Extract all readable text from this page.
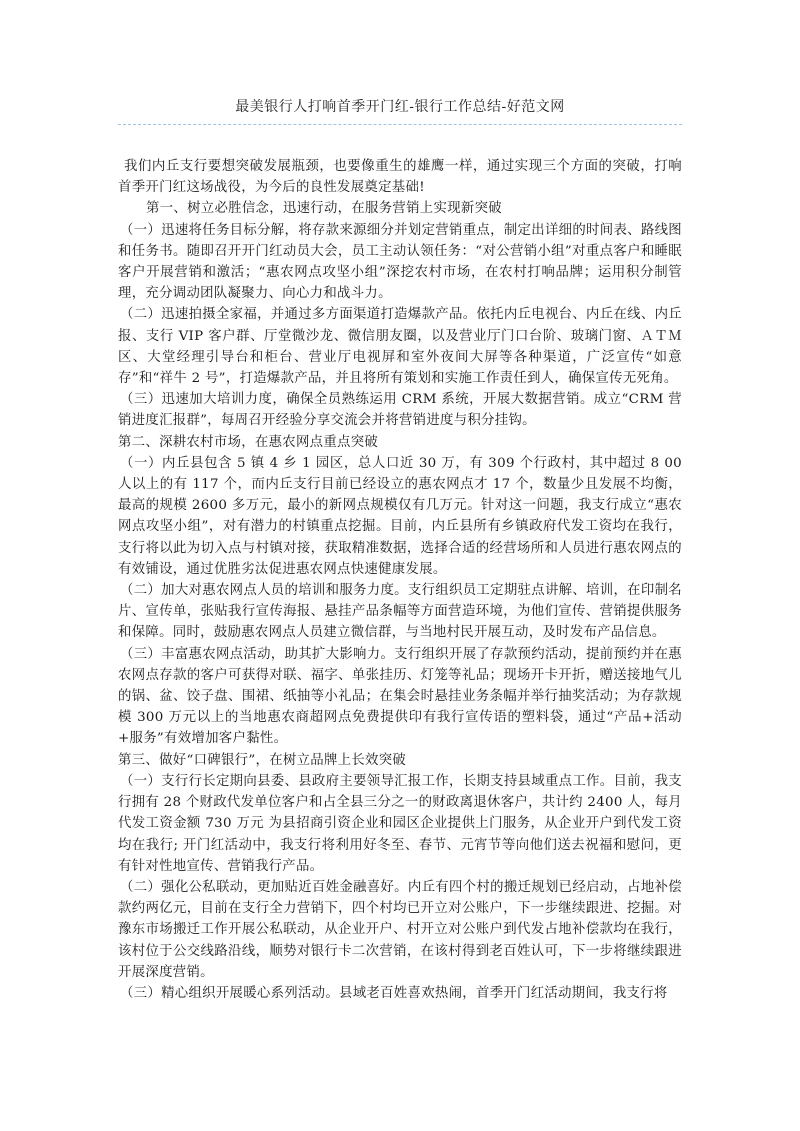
最美银行人打响首季开门红-银行工作总结-好范文网

我们内丘支行要想突破发展瓶颈，也要像重生的雄鹰一样，通过实现三个方面的突破，打响首季开门红这场战役，为今后的良性发展奠定基础!

第一、树立必胜信念，迅速行动，在服务营销上实现新突破

（一）迅速将任务目标分解，将存款来源细分并划定营销重点，制定出详细的时间表、路线图和任务书。随即召开开门红动员大会，员工主动认领任务：“对公营销小组”对重点客户和睡眠客户开展营销和激活；“惠农网点攻坚小组”深挖农村市场，在农村打响品牌；运用积分制管理，充分调动团队凝聚力、向心力和战斗力。

（二）迅速拍摄全家福，并通过多方面渠道打造爆款产品。依托内丘电视台、内丘在线、内丘报、支行 VIP 客户群、厅堂微沙龙、微信朋友圈，以及营业厅门口台阶、玻璃门窗、ＡＴＭ区、大堂经理引导台和柜台、营业厅电视屏和室外夜间大屏等各种渠道，广泛宣传“如意存”和“祥牛 2 号”，打造爆款产品，并且将所有策划和实施工作责任到人，确保宣传无死角。

（三）迅速加大培训力度，确保全员熟练运用 CRM 系统，开展大数据营销。成立“CRM 营销进度汇报群”，每周召开经验分享交流会并将营销进度与积分挂钩。

第二、深耕农村市场，在惠农网点重点突破

（一）内丘县包含 5 镇 4 乡 1 园区，总人口近 30 万，有 309 个行政村，其中超过 8 00 人以上的有 117 个，而内丘支行目前已经设立的惠农网点才 17 个，数量少且发展不均衡，最高的规模 2600 多万元，最小的新网点规模仅有几万元。针对这一问题，我支行成立“惠农网点攻坚小组”，对有潜力的村镇重点挖掘。目前，内丘县所有乡镇政府代发工资均在我行，支行将以此为切入点与村镇对接，获取精准数据，选择合适的经营场所和人员进行惠农网点的有效铺设，通过优胜劣汰促进惠农网点快速健康发展。

（二）加大对惠农网点人员的培训和服务力度。支行组织员工定期驻点讲解、培训，在印制名片、宣传单，张贴我行宣传海报、悬挂产品条幅等方面营造环境，为他们宣传、营销提供服务和保障。同时，鼓励惠农网点人员建立微信群，与当地村民开展互动，及时发布产品信息。

（三）丰富惠农网点活动，助其扩大影响力。支行组织开展了存款预约活动，提前预约并在惠农网点存款的客户可获得对联、福字、单张挂历、灯笼等礼品；现场开卡开折，赠送接地气儿的锅、盆、饺子盘、围裙、纸抽等小礼品；在集会时悬挂业务条幅并举行抽奖活动；为存款规模 300 万元以上的当地惠农商超网点免费提供印有我行宣传语的塑料袋，通过“产品+活动+服务”有效增加客户黏性。

第三、做好“口碑银行”，在树立品牌上长效突破

（一）支行行长定期向县委、县政府主要领导汇报工作，长期支持县域重点工作。目前，我支行拥有 28 个财政代发单位客户和占全县三分之一的财政离退休客户，共计约 2400 人，每月代发工资金额 730 万元 为县招商引资企业和园区企业提供上门服务，从企业开户到代发工资均在我行; 开门红活动中，我支行将利用好冬至、春节、元宵节等向他们送去祝福和慰问，更有针对性地宣传、营销我行产品。

（二）强化公私联动，更加贴近百姓金融喜好。内丘有四个村的搬迁规划已经启动，占地补偿款约两亿元，目前在支行全力营销下，四个村均已开立对公账户，下一步继续跟进、挖掘。对豫东市场搬迁工作开展公私联动，从企业开户、村开立对公账户到代发占地补偿款均在我行，该村位于公交线路沿线，顺势对银行卡二次营销，在该村得到老百姓认可，下一步将继续跟进开展深度营销。

（三）精心组织开展暖心系列活动。县域老百姓喜欢热闹，首季开门红活动期间，我支行将
